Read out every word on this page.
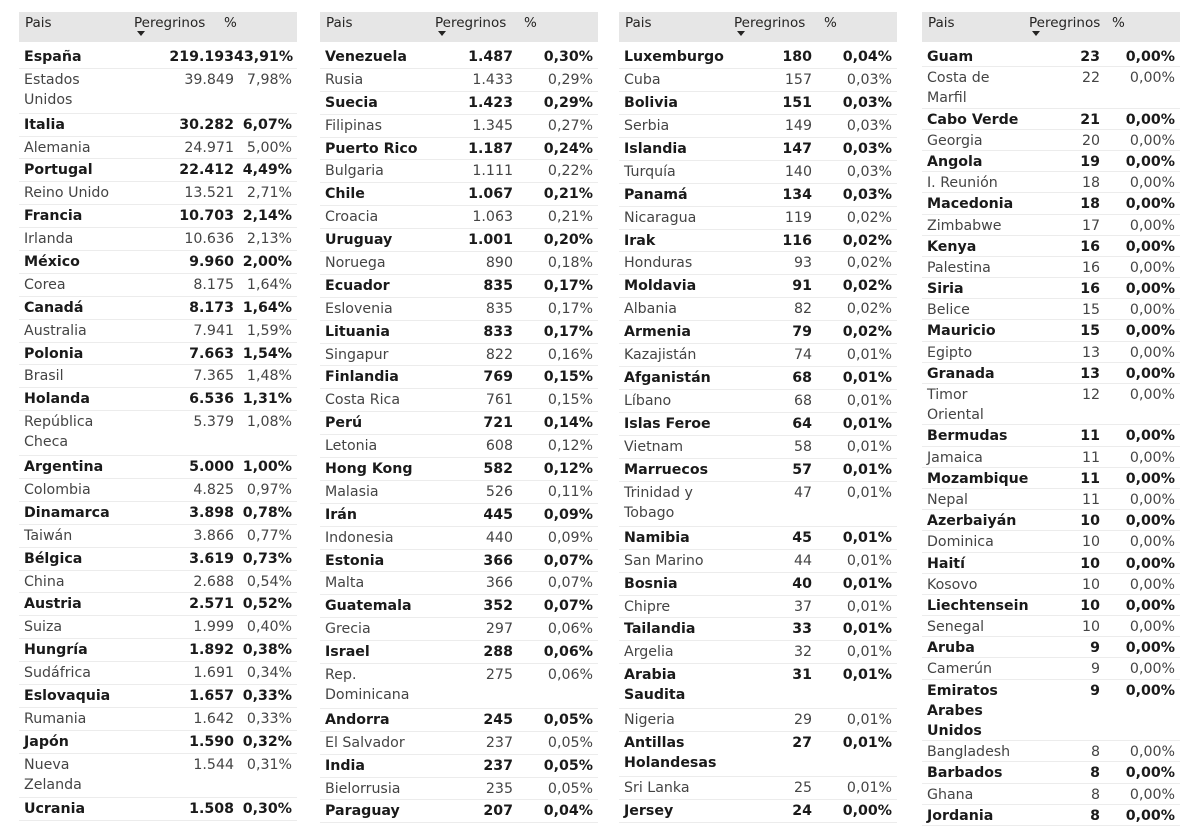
Pais	Peregrinos %
España	219.193 43,91%
Estados Unidos
39.849 7,98%
Italia	30.282 6,07%
Alemania	24.971 5,00%
Portugal	22.412 4,49%
Reino Unido	13.521 2,71%
Francia	10.703 2,14%
Irlanda	10.636 2,13%
México	9.960 2,00%
Corea	8.175 1,64%
Canadá	8.173 1,64%
Australia	7.941 1,59%
Polonia	7.663 1,54%
Brasil	7.365 1,48%
Holanda	6.536 1,31%
República Checa
5.379 1,08%
Argentina	5.000 1,00%
Colombia	4.825 0,97%
Dinamarca	3.898 0,78%
Taiwán	3.866 0,77%
Bélgica	3.619 0,73%
China	2.688 0,54%
Austria	2.571 0,52%
Suiza	1.999 0,40%
Hungría	1.892 0,38%
Sudáfrica	1.691 0,34%
Eslovaquia	1.657 0,33%
Rumania	1.642 0,33%
Japón	1.590 0,32%
Nueva Zelanda
1.544 0,31%
Ucrania	1.508 0,30%
Pais	Peregrinos %
Venezuela	1.487	0,30%
Rusia	1.433	0,29%
Suecia	1.423	0,29%
Filipinas	1.345	0,27%
Puerto Rico	1.187	0,24%
Bulgaria	1.111	0,22%
Chile	1.067	0,21%
Croacia	1.063	0,21%
Uruguay	1.001	0,20%
Noruega	890	0,18%
Ecuador	835	0,17%
Eslovenia	835	0,17%
Lituania	833	0,17%
Singapur	822	0,16%
Finlandia	769	0,15%
Costa Rica	761	0,15%
Perú	721	0,14%
Letonia	608	0,12%
Hong Kong	582	0,12%
Malasia	526	0,11%
Irán	445	0,09%
Indonesia	440	0,09%
Estonia	366	0,07%
Malta	366	0,07%
Guatemala	352	0,07%
Grecia	297	0,06%
Israel	288	0,06%
Rep. Dominicana
275	0,06%
Andorra	245	0,05%
El Salvador	237	0,05%
India	237	0,05%
Bielorrusia	235	0,05%
Paraguay	207	0,04%
Pais	Peregrinos %
Luxemburgo	180	0,04%
Cuba	157	0,03%
Bolivia	151	0,03%
Serbia	149	0,03%
Islandia	147	0,03%
Turquía	140	0,03%
Panamá	134	0,03%
Nicaragua	119	0,02%
Irak	116	0,02%
Honduras	93	0,02%
Moldavia	91	0,02%
Albania	82	0,02%
Armenia	79	0,02%
Kazajistán	74	0,01%
Afganistán	68	0,01%
Líbano	68	0,01%
Islas Feroe	64	0,01%
Vietnam	58	0,01%
Marruecos	57	0,01%
Trinidad y Tobago
47	0,01%
Namibia	45	0,01%
San Marino	44	0,01%
Bosnia	40	0,01%
Chipre	37	0,01%
Tailandia	33	0,01%
Argelia	32	0,01%
Arabia Saudita
31	0,01%
Nigeria	29	0,01%
Antillas Holandesas
27	0,01%
Sri Lanka	25	0,01%
Jersey	24	0,00%
Pais	Peregrinos %
Guam	23	0,00%
Costa de Marfil
22	0,00%
Cabo Verde	21	0,00%
Georgia	20	0,00%
Angola	19	0,00%
I. Reunión	18	0,00%
Macedonia	18	0,00%
Zimbabwe	17	0,00%
Kenya	16	0,00%
Palestina	16	0,00%
Siria	16	0,00%
Belice	15	0,00%
Mauricio	15	0,00%
Egipto	13	0,00%
Granada	13	0,00%
Timor Oriental
12	0,00%
Bermudas	11	0,00%
Jamaica	11	0,00%
Mozambique	11	0,00%
Nepal	11	0,00%
Azerbaiyán	10	0,00%
Dominica	10	0,00%
Haití	10	0,00%
Kosovo	10	0,00%
Liechtensein	10	0,00%
Senegal	10	0,00%
Aruba	9	0,00%
Camerún	9	0,00%
Emiratos Arabes Unidos
9	0,00%
Bangladesh	8	0,00%
Barbados	8	0,00%
Ghana	8	0,00%
Jordania	8	0,00%
